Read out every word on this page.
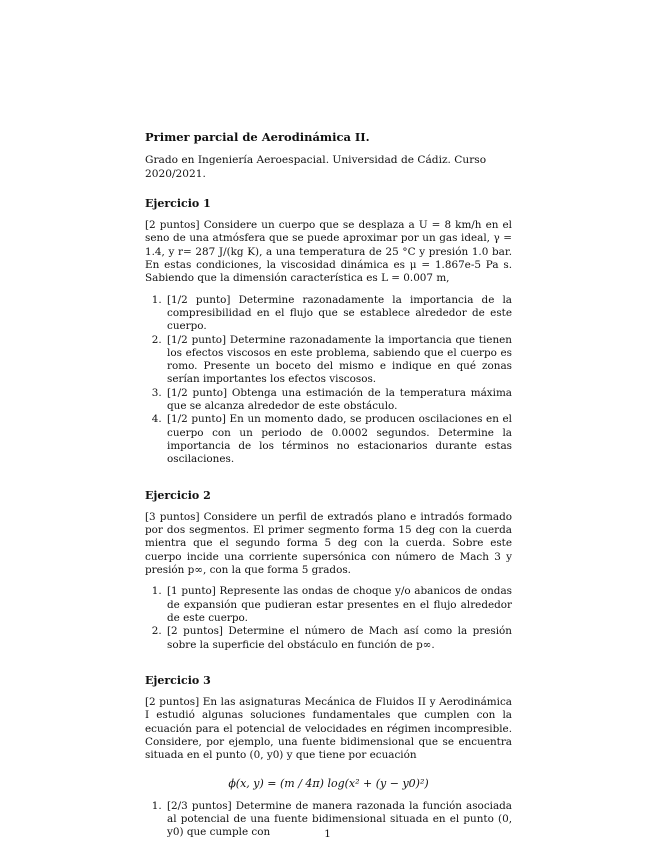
Primer parcial de Aerodinámica II.
Grado en Ingeniería Aeroespacial. Universidad de Cádiz. Curso 2020/2021.
Ejercicio 1
[2 puntos] Considere un cuerpo que se desplaza a U = 8 km/h en el seno de una atmósfera que se puede aproximar por un gas ideal, γ = 1.4, y r= 287 J/(kg K), a una temperatura de 25 °C y presión 1.0 bar. En estas condiciones, la viscosidad dinámica es μ = 1.867e-5 Pa s. Sabiendo que la dimensión característica es L = 0.007 m,
1. [1/2 punto] Determine razonadamente la importancia de la compresibilidad en el flujo que se establece alrededor de este cuerpo.
2. [1/2 punto] Determine razonadamente la importancia que tienen los efectos viscosos en este problema, sabiendo que el cuerpo es romo. Presente un boceto del mismo e indique en qué zonas serían importantes los efectos viscosos.
3. [1/2 punto] Obtenga una estimación de la temperatura máxima que se alcanza alrededor de este obstáculo.
4. [1/2 punto] En un momento dado, se producen oscilaciones en el cuerpo con un periodo de 0.0002 segundos. Determine la importancia de los términos no estacionarios durante estas oscilaciones.
Ejercicio 2
[3 puntos] Considere un perfil de extradós plano e intradós formado por dos segmentos. El primer segmento forma 15 deg con la cuerda mientra que el segundo forma 5 deg con la cuerda. Sobre este cuerpo incide una corriente supersónica con número de Mach 3 y presión p∞, con la que forma 5 grados.
1. [1 punto] Represente las ondas de choque y/o abanicos de ondas de expansión que pudieran estar presentes en el flujo alrededor de este cuerpo.
2. [2 puntos] Determine el número de Mach así como la presión sobre la superficie del obstáculo en función de p∞.
Ejercicio 3
[2 puntos] En las asignaturas Mecánica de Fluidos II y Aerodinámica I estudió algunas soluciones fundamentales que cumplen con la ecuación para el potencial de velocidades en régimen incompresible. Considere, por ejemplo, una fuente bidimensional que se encuentra situada en el punto (0, y0) y que tiene por ecuación
ϕ(x, y) = (m / 4π) log(x² + (y − y0)²)
1. [2/3 puntos] Determine de manera razonada la función asociada al potencial de una fuente bidimensional situada en el punto (0, y0) que cumple con	1
